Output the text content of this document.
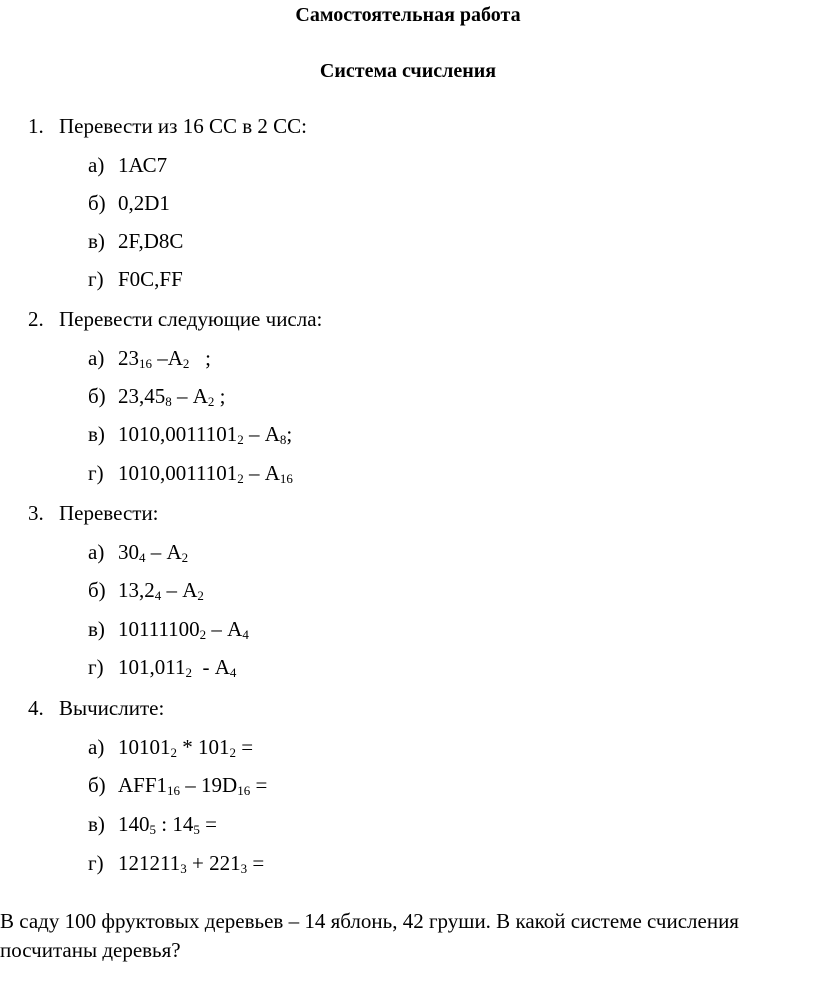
Самостоятельная работа
Система счисления
1. Перевести из 16 СС в 2 СС:
а) 1АС7
б) 0,2D1
в) 2F,D8C
г) F0C,FF
2. Перевести следующие числа:
а) $23_{16}$ $-А_2$   ;
б) $23,45_8 - А_2$ ;
в) $1010,0011101_2 - А_8$;
г) $1010,0011101_2 - А_{16}$
3. Перевести:
а) $30_4 - А_2$
б) $13,2_4 - А_2$
в) $10111100_2 - А_4$
г) $101,011_2 - А_4$
4. Вычислите:
а) $10101_2 * 101_2$ =
б) $AFF1_{16} - 19D_{16}$ =
в) $140_5$ : $14_5$ =
г) $121211_3 + 221_3$ =
В саду 100 фруктовых деревьев – 14 яблонь, 42 груши. В какой системе счисления
посчитаны деревья?
